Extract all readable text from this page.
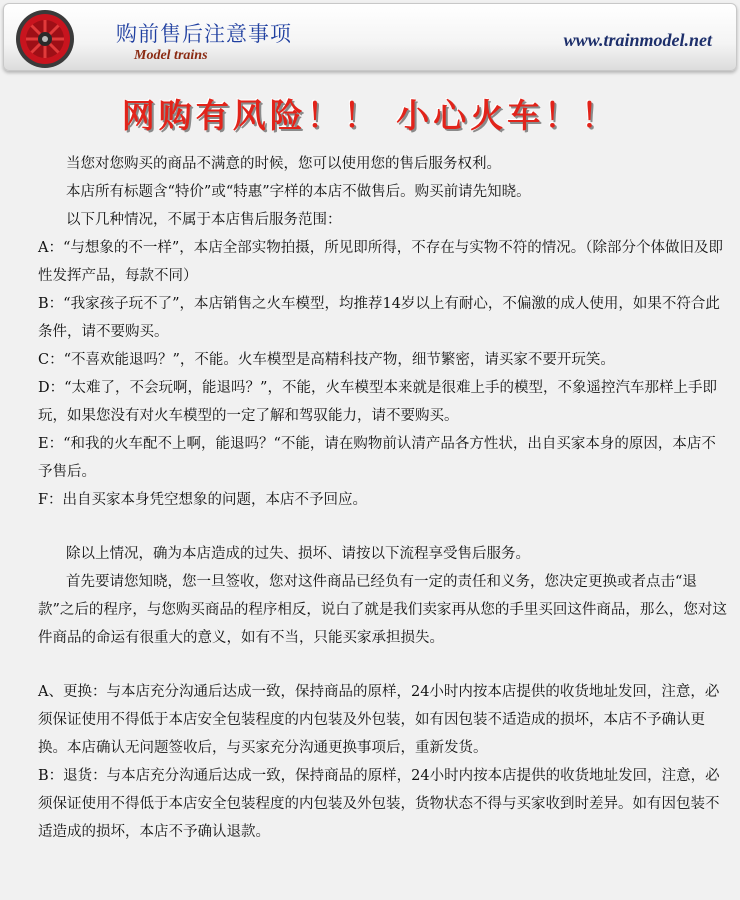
购前售后注意事项
Model trains
www.trainmodel.net
网购有风险！！ 小心火车！！

当您对您购买的商品不满意的时候，您可以使用您的售后服务权利。

本店所有标题含“特价”或“特惠”字样的本店不做售后。购买前请先知晓。

以下几种情况，不属于本店售后服务范围：

A：“与想象的不一样”，本店全部实物拍摄，所见即所得，不存在与实物不符的情况。（除部分个体做旧及即性发挥产品，每款不同）

B：“我家孩子玩不了”，本店销售之火车模型，均推荐14岁以上有耐心，不偏激的成人使用，如果不符合此条件，请不要购买。

C：“不喜欢能退吗？”，不能。火车模型是高精科技产物，细节繁密，请买家不要开玩笑。

D：“太难了，不会玩啊，能退吗？”，不能，火车模型本来就是很难上手的模型，不象遥控汽车那样上手即玩，如果您没有对火车模型的一定了解和驾驭能力，请不要购买。

E：“和我的火车配不上啊，能退吗？“不能，请在购物前认清产品各方性状，出自买家本身的原因，本店不予售后。

F：出自买家本身凭空想象的问题，本店不予回应。

除以上情况，确为本店造成的过失、损坏、请按以下流程享受售后服务。

首先要请您知晓，您一旦签收，您对这件商品已经负有一定的责任和义务，您决定更换或者点击“退款”之后的程序，与您购买商品的程序相反，说白了就是我们卖家再从您的手里买回这件商品，那么，您对这件商品的命运有很重大的意义，如有不当，只能买家承担损失。

A、更换：与本店充分沟通后达成一致，保持商品的原样，24小时内按本店提供的收货地址发回，注意，必须保证使用不得低于本店安全包装程度的内包装及外包装，如有因包装不适造成的损坏，本店不予确认更换。本店确认无问题签收后，与买家充分沟通更换事项后，重新发货。

B：退货：与本店充分沟通后达成一致，保持商品的原样，24小时内按本店提供的收货地址发回，注意，必须保证使用不得低于本店安全包装程度的内包装及外包装，货物状态不得与买家收到时差异。如有因包装不适造成的损坏，本店不予确认退款。
